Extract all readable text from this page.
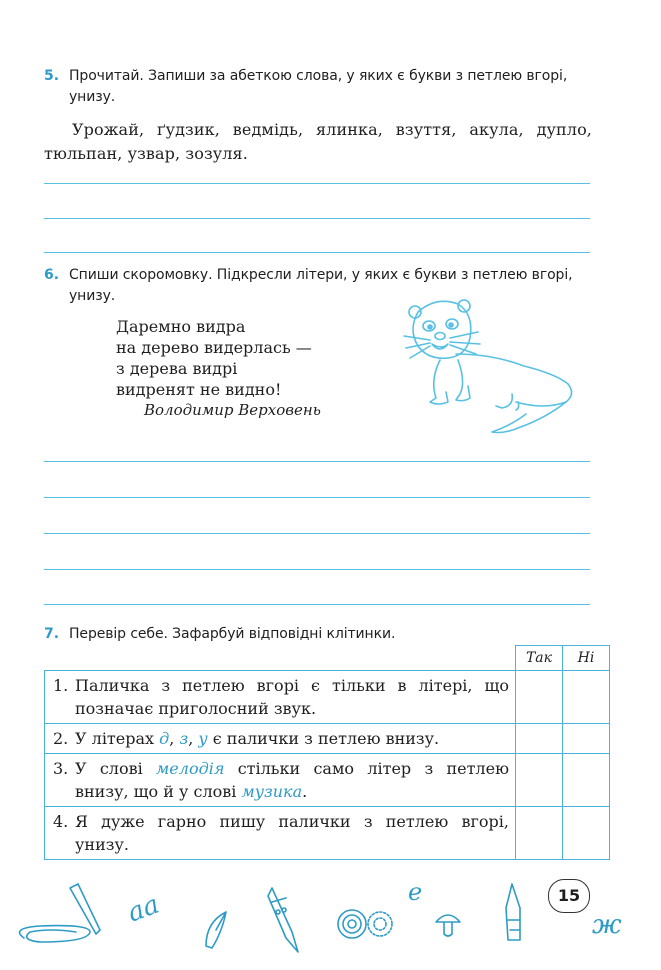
5. Прочитай. Запиши за абеткою слова, у яких є букви з петлею вгорі, унизу.
Урожай, ґудзик, ведмідь, ялинка, взуття, акула, дупло, тюльпан, узвар, зозуля.
6. Спиши скоромовку. Підкресли літери, у яких є букви з петлею вгорі, унизу.
Даремно видра
на дерево видерлась —
з дерева видрі
видренят не видно!
Володимир Верховень
7. Перевір себе. Зафарбуй відповідні клітинки.
	Так	Ні

1. Паличка з петлею вгорі є тільки в літері, що позначає приголосний звук.		

2. У літерах д, з, у є палички з петлею внизу.		

3. У слові мелодія стільки само літер з петлею внизу, що й у слові музика.		

4. Я дуже гарно пишу палички з петлею вгорі, унизу.		

аа	е
ж
15
